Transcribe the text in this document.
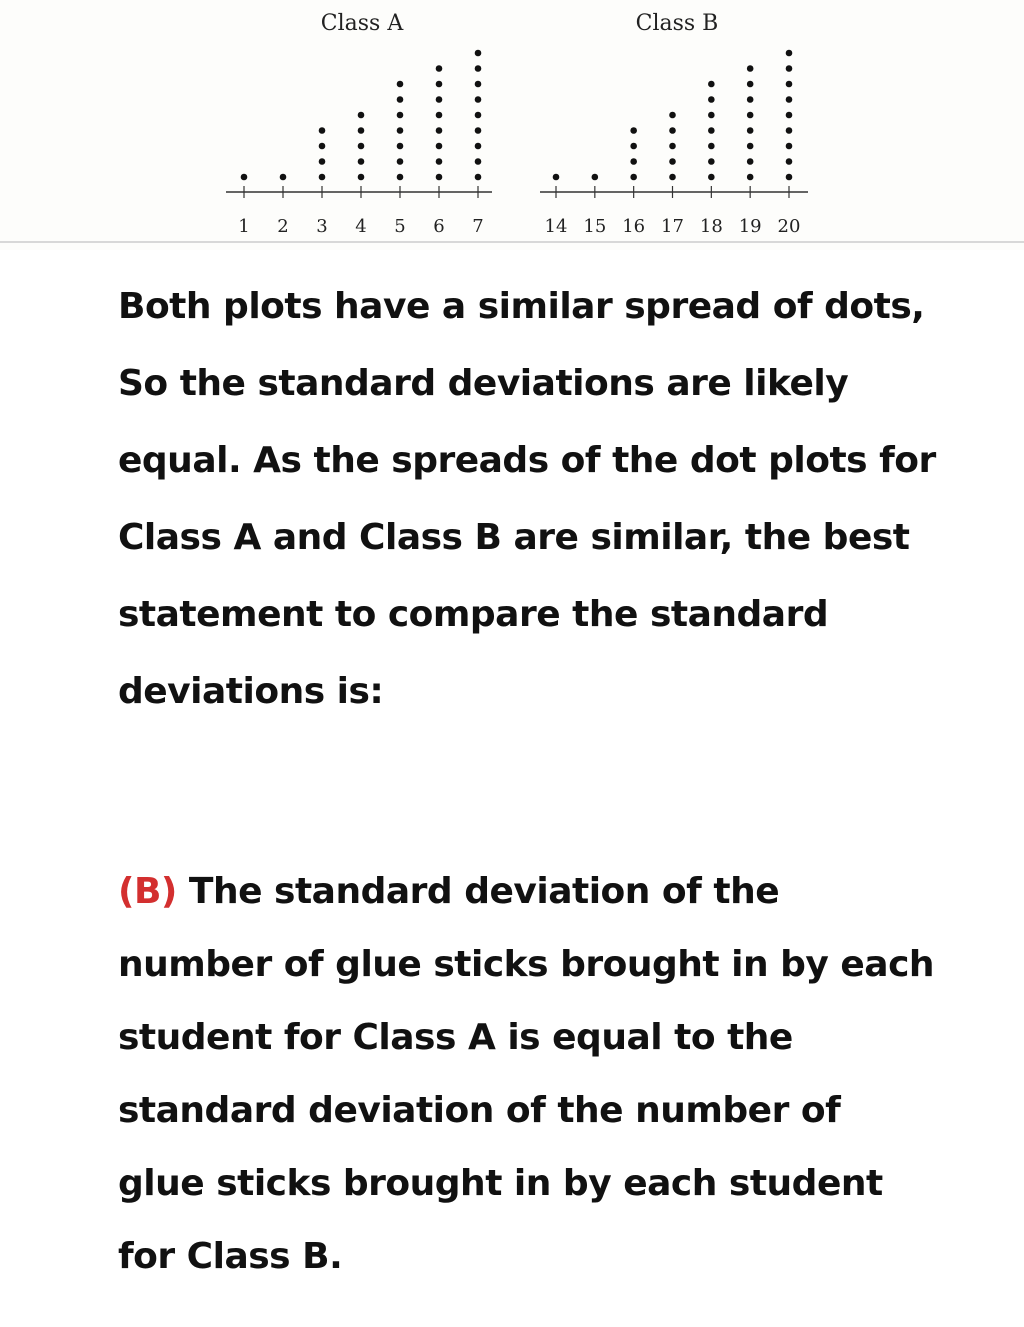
Class A
1 2 3 4 5 6 7
Class B
14 15 16 17 18 19 20

Both plots have a similar spread of dots, So the standard deviations are likely equal. As the spreads of the dot plots for Class A and Class B are similar, the best statement to compare the standard deviations is:

(B) The standard deviation of the number of glue sticks brought in by each student for Class A is equal to the standard deviation of the number of glue sticks brought in by each student for Class B.
